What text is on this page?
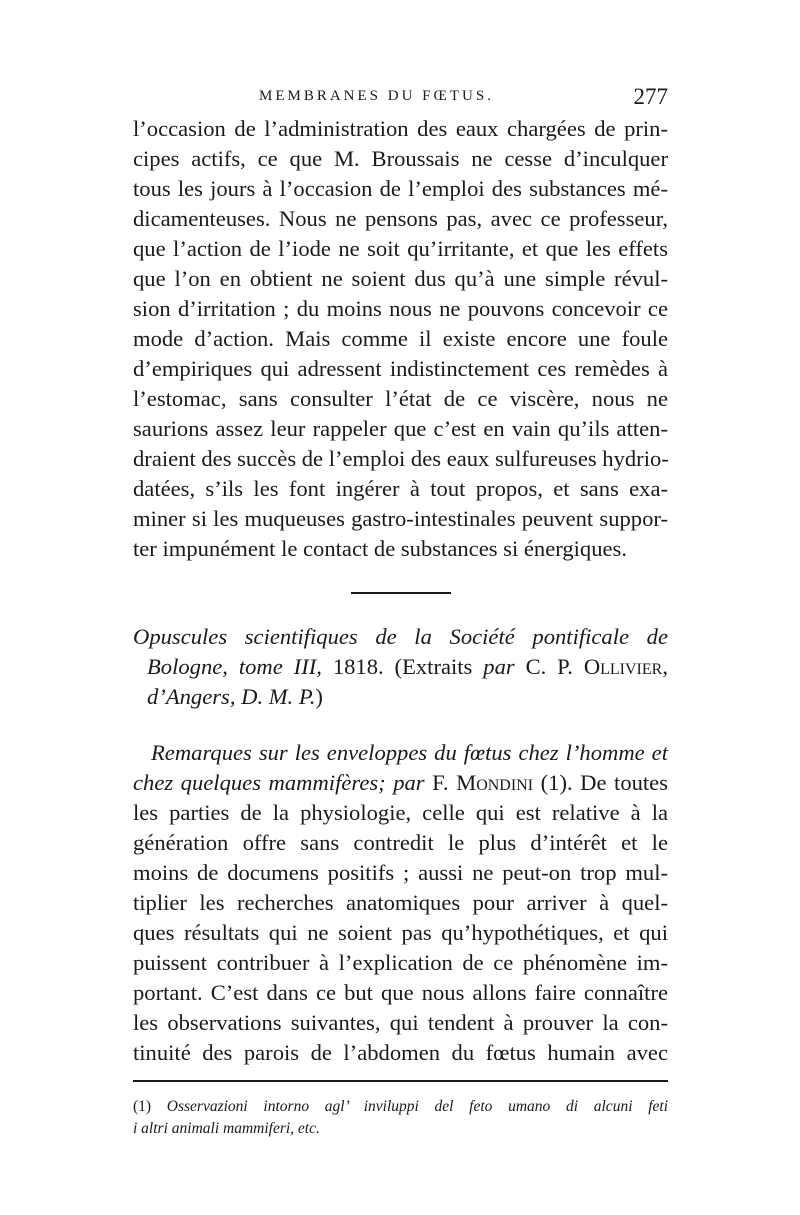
MEMBRANES DU FŒTUS.	277
l’occasion de l’administration des eaux chargées de prin-
cipes actifs, ce que M. Broussais ne cesse d’inculquer
tous les jours à l’occasion de l’emploi des substances mé-
dicamenteuses. Nous ne pensons pas, avec ce professeur,
que l’action de l’iode ne soit qu’irritante, et que les effets
que l’on en obtient ne soient dus qu’à une simple révul-
sion d’irritation ; du moins nous ne pouvons concevoir ce
mode d’action. Mais comme il existe encore une foule
d’empiriques qui adressent indistinctement ces remèdes à
l’estomac, sans consulter l’état de ce viscère, nous ne
saurions assez leur rappeler que c’est en vain qu’ils atten-
draient des succès de l’emploi des eaux sulfureuses hydrio-
datées, s’ils les font ingérer à tout propos, et sans exa-
miner si les muqueuses gastro-intestinales peuvent suppor-
ter impunément le contact de substances si énergiques.
Opuscules scientifiques de la Société pontificale de
Bologne, tome III, 1818. (Extraits par C. P. Ollivier,
d’Angers, D. M. P.)
Remarques sur les enveloppes du fœtus chez l’homme et
chez quelques mammifères; par F. Mondini (1). De toutes
les parties de la physiologie, celle qui est relative à la
génération offre sans contredit le plus d’intérêt et le
moins de documens positifs ; aussi ne peut-on trop mul-
tiplier les recherches anatomiques pour arriver à quel-
ques résultats qui ne soient pas qu’hypothétiques, et qui
puissent contribuer à l’explication de ce phénomène im-
portant. C’est dans ce but que nous allons faire connaître
les observations suivantes, qui tendent à prouver la con-
tinuité des parois de l’abdomen du fœtus humain avec
(1) Osservazioni intorno agl’ inviluppi del feto umano di alcuni feti
i altri animali mammiferi, etc.
